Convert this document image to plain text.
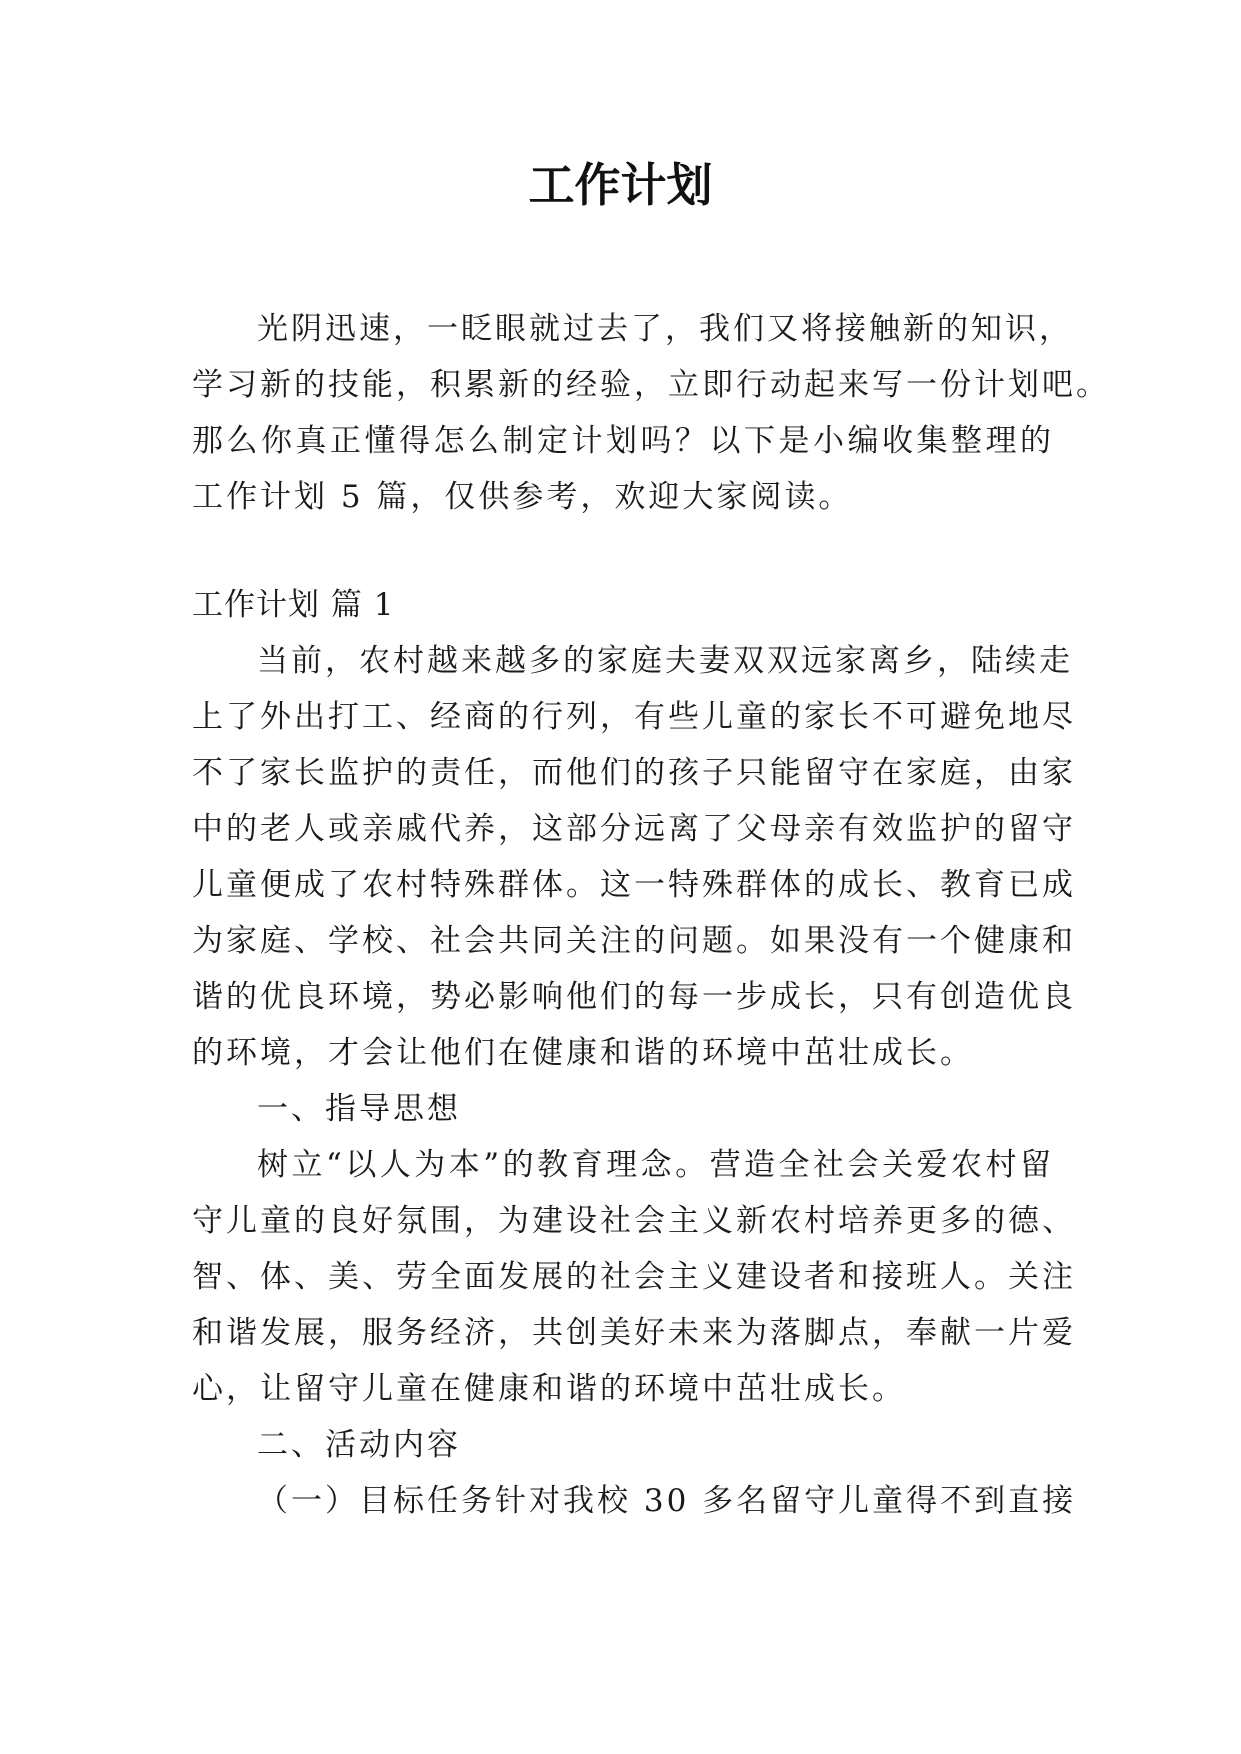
工作计划
光阴迅速，一眨眼就过去了，我们又将接触新的知识，
学习新的技能，积累新的经验，立即行动起来写一份计划吧。
那么你真正懂得怎么制定计划吗？以下是小编收集整理的
工作计划 5 篇，仅供参考，欢迎大家阅读。
工作计划 篇 1
当前，农村越来越多的家庭夫妻双双远家离乡，陆续走
上了外出打工、经商的行列，有些儿童的家长不可避免地尽
不了家长监护的责任，而他们的孩子只能留守在家庭，由家
中的老人或亲戚代养，这部分远离了父母亲有效监护的留守
儿童便成了农村特殊群体。这一特殊群体的成长、教育已成
为家庭、学校、社会共同关注的问题。如果没有一个健康和
谐的优良环境，势必影响他们的每一步成长，只有创造优良
的环境，才会让他们在健康和谐的环境中茁壮成长。
一、指导思想
树立“以人为本”的教育理念。营造全社会关爱农村留
守儿童的良好氛围，为建设社会主义新农村培养更多的德、
智、体、美、劳全面发展的社会主义建设者和接班人。关注
和谐发展，服务经济，共创美好未来为落脚点，奉献一片爱
心，让留守儿童在健康和谐的环境中茁壮成长。
二、活动内容
（一）目标任务针对我校 30 多名留守儿童得不到直接
